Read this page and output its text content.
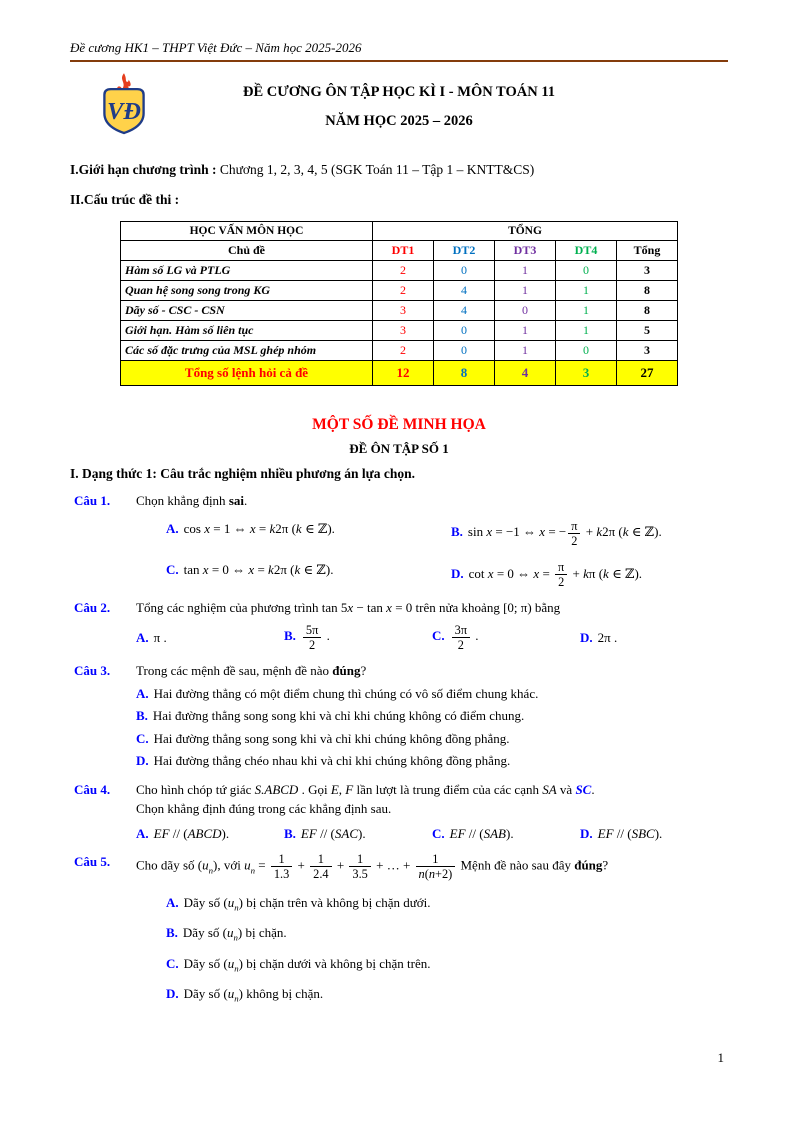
Đề cương HK1 – THPT Việt Đức – Năm học 2025-2026
VĐ
ĐỀ CƯƠNG ÔN TẬP HỌC KÌ I - MÔN TOÁN 11
NĂM HỌC 2025 – 2026

I.Giới hạn chương trình : Chương 1, 2, 3, 4, 5 (SGK Toán 11 – Tập 1 – KNTT&CS)

II.Cấu trúc đề thi :

HỌC VẤN MÔN HỌC	TỔNG				
Chủ đề	DT1	DT2	DT3	DT4	Tổng
Hàm số LG và PTLG	2	0	1	0	3
Quan hệ song song trong KG	2	4	1	1	8
Dãy số - CSC - CSN	3	4	0	1	8
Giới hạn. Hàm số liên tục	3	0	1	1	5
Các số đặc trưng của MSL ghép nhóm	2	0	1	0	3
Tổng số lệnh hỏi cả đề	12	8	4	3	27
MỘT SỐ ĐỀ MINH HỌA
ĐỀ ÔN TẬP SỐ 1
I. Dạng thức 1: Câu trắc nghiệm nhiều phương án lựa chọn.
Câu 1.	Chọn khẳng định sai.
A. cos x = 1 ⇔ x = k2π (k ∈ ℤ).	B. sin x = −1 ⇔ x = − $\frac{\pi}{2} + k2\pi$ (k ∈ ℤ).
C. tan x = 0 ⇔ x = k2π (k ∈ ℤ).	D. cot x = 0 ⇔ $x = \frac{\pi}{2} + k\pi$ (k ∈ ℤ).
Câu 2.	Tổng các nghiệm của phương trình tan 5x − tan x = 0 trên nửa khoảng [0; π) bằng
A. π .	B. $\frac{5\pi}{2}$ .	C. $\frac{3\pi}{2}$ .	D. 2π .
Câu 3.	Trong các mệnh đề sau, mệnh đề nào đúng?
A. Hai đường thẳng có một điểm chung thì chúng có vô số điểm chung khác.
B. Hai đường thẳng song song khi và chỉ khi chúng không có điểm chung.
C. Hai đường thẳng song song khi và chỉ khi chúng không đồng phẳng.
D. Hai đường thẳng chéo nhau khi và chỉ khi chúng không đồng phẳng.
Câu 4.	Cho hình chóp tứ giác S.ABCD . Gọi E, F lần lượt là trung điểm của các cạnh SA và SC.
Chọn khẳng định đúng trong các khẳng định sau.
A. EF // (ABCD).	B. EF // (SAC).	C. EF // (SAB).	D. EF // (SBC).
Câu 5.	Cho dãy số $(u_n)$, với $u_n = \frac{1}{1.3} + \frac{1}{2.4} + \frac{1}{3.5}$ + … + $\frac{1}{n(n+2)}$ Mệnh đề nào sau đây đúng?
A. Dãy số $(u_n)$ bị chặn trên và không bị chặn dưới.
B. Dãy số $(u_n)$ bị chặn.
C. Dãy số $(u_n)$ bị chặn dưới và không bị chặn trên.
D. Dãy số $(u_n)$ không bị chặn.
1
